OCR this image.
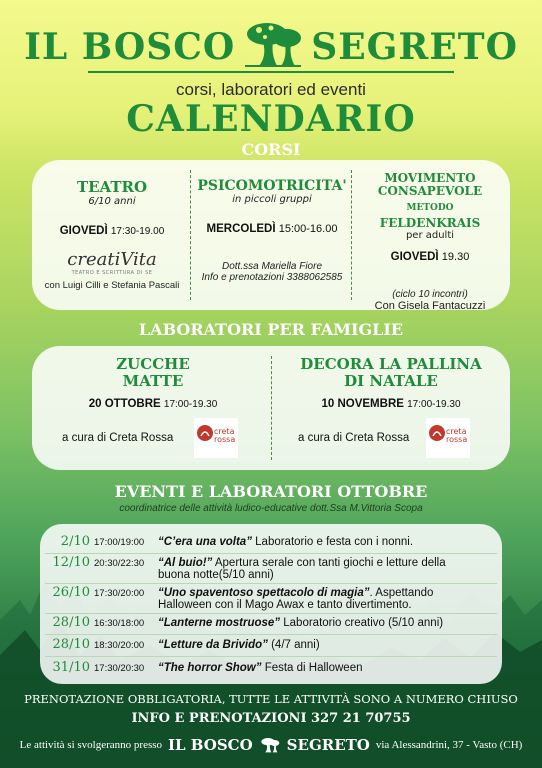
IL BOSCO SEGRETO
corsi, laboratori ed eventi
CALENDARIO
CORSI
TEATRO
6/10 anni
GIOVEDÌ 17:30-19.00
creatiVita
TEATRO E SCRITTURA DI SE
con Luigi Cilli e Stefania Pascali
PSICOMOTRICITA'
in piccoli gruppi
MERCOLEDÌ 15:00-16.00
Dott.ssa Mariella Fiore
Info e prenotazioni 3388062585
MOVIMENTO
CONSAPEVOLE
METODO FELDENKRAIS
per adulti
GIOVEDÌ 19.30
(ciclo 10 incontri)
Con Gisela Fantacuzzi
LABORATORI PER FAMIGLIE
ZUCCHE
MATTE
20 OTTOBRE 17:00-19.30
a cura di Creta Rossa
creta
rossa
DECORA LA PALLINA
DI NATALE
10 NOVEMBRE 17:00-19.30
a cura di Creta Rossa
creta
rossa
EVENTI E LABORATORI OTTOBRE
coordinatrice delle attività ludico-educative dott.Ssa M.Vittoria Scopa
2/10 17:00/19:00 “C’era una volta” Laboratorio e festa con i nonni.
12/10 20:30/22:30 “Al buio!” Apertura serale con tanti giochi e letture della
buona notte(5/10 anni)
26/10 17:30/20:00 “Uno spaventoso spettacolo di magia”. Aspettando
Halloween con il Mago Awax e tanto divertimento.
28/10 16:30/18:00 “Lanterne mostruose” Laboratorio creativo (5/10 anni)
28/10 18:30/20:00 “Letture da Brivido” (4/7 anni)
31/10 17:30/20:30 “The horror Show” Festa di Halloween
PRENOTAZIONE OBBLIGATORIA, TUTTE LE ATTIVITÀ SONO A NUMERO CHIUSO
INFO E PRENOTAZIONI 327 21 70755
Le attività si svolgeranno presso IL BOSCO SEGRETO via Alessandrini, 37 - Vasto (CH)
